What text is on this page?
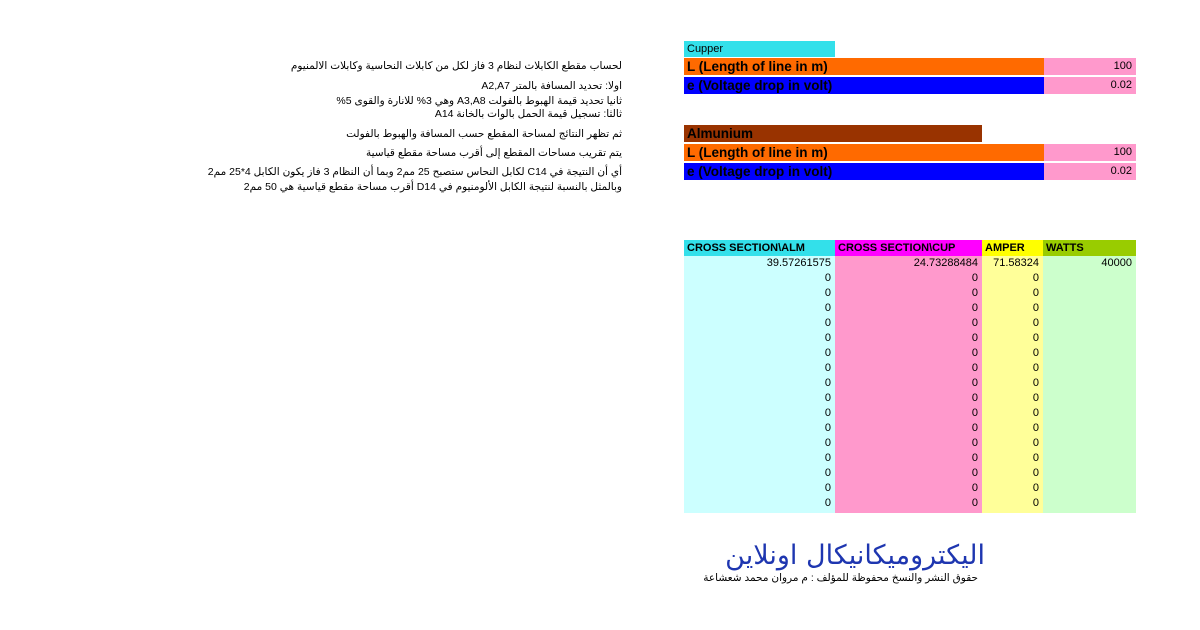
لحساب مقطع الكابلات لنظام 3 فاز لكل من كابلات النحاسية وكابلات الالمنيوم
اولا: تحديد المسافة بالمتر A2,A7
ثانيا تحديد قيمة الهبوط بالفولت A3,A8 وهي 3% للانارة والقوى 5%
ثالثا: تسجيل قيمة الحمل بالوات بالخانة A14
ثم تظهر النتائج لمساحة المقطع حسب المسافة والهبوط بالفولت
يتم تقريب مساحات المقطع إلى أقرب مساحة مقطع قياسية
أي أن النتيجة في C14 لكابل النحاس ستصبح 25 مم2 وبما أن النظام 3 فاز يكون الكابل 4*25 مم2
وبالمثل بالنسبة لنتيجة الكابل الألومنيوم في D14 أقرب مساحة مقطع قياسية هي 50 مم2
Cupper
L (Length of line in m)	100
e (Voltage drop in volt)	0.02
Almunium
L (Length of line in m)	100
e (Voltage drop in volt)	0.02
CROSS SECTION\ALM	CROSS SECTION\CUP	AMPER	WATTS
39.57261575	24.73288484	71.58324	40000
0	0	0
0	0	0
0	0	0
0	0	0
0	0	0
0	0	0
0	0	0
0	0	0
0	0	0
0	0	0
0	0	0
0	0	0
0	0	0
0	0	0
0	0	0
0	0	0
اليكتروميكانيكال اونلاين
حقوق النشر والنسخ محفوظة للمؤلف : م مروان محمد شعشاعة
